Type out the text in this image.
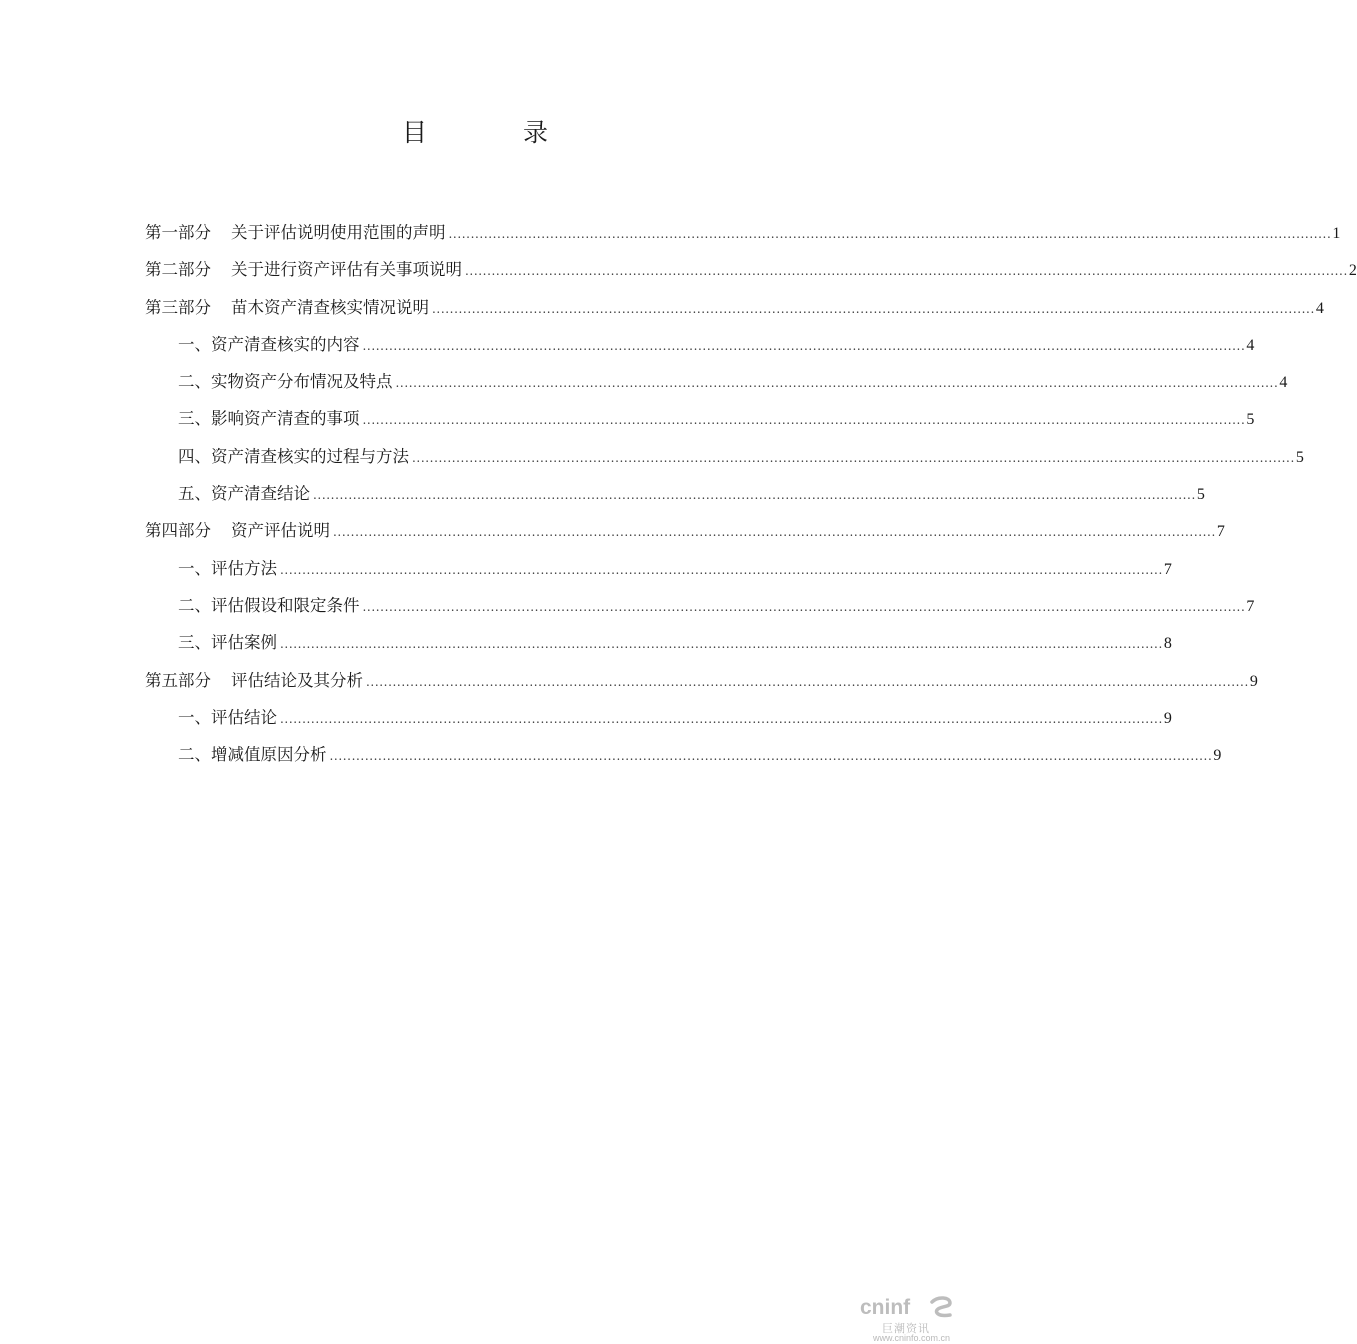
目 录
第一部分 关于评估说明使用范围的声明 ........................................................................................................................................................................................................ 1
第二部分 关于进行资产评估有关事项说明 ........................................................................................................................................................................................................ 2
第三部分 苗木资产清查核实情况说明 ........................................................................................................................................................................................................ 4
一、资产清查核实的内容 ........................................................................................................................................................................................................ 4
二、实物资产分布情况及特点 ........................................................................................................................................................................................................ 4
三、影响资产清查的事项 ........................................................................................................................................................................................................ 5
四、资产清查核实的过程与方法 ........................................................................................................................................................................................................ 5
五、资产清查结论 ........................................................................................................................................................................................................ 5
第四部分 资产评估说明 ........................................................................................................................................................................................................ 7
一、评估方法 ........................................................................................................................................................................................................ 7
二、评估假设和限定条件 ........................................................................................................................................................................................................ 7
三、评估案例 ........................................................................................................................................................................................................ 8
第五部分 评估结论及其分析 ........................................................................................................................................................................................................ 9
一、评估结论 ........................................................................................................................................................................................................ 9
二、增减值原因分析 ........................................................................................................................................................................................................ 9
cninf
巨潮资讯
www.cninfo.com.cn
